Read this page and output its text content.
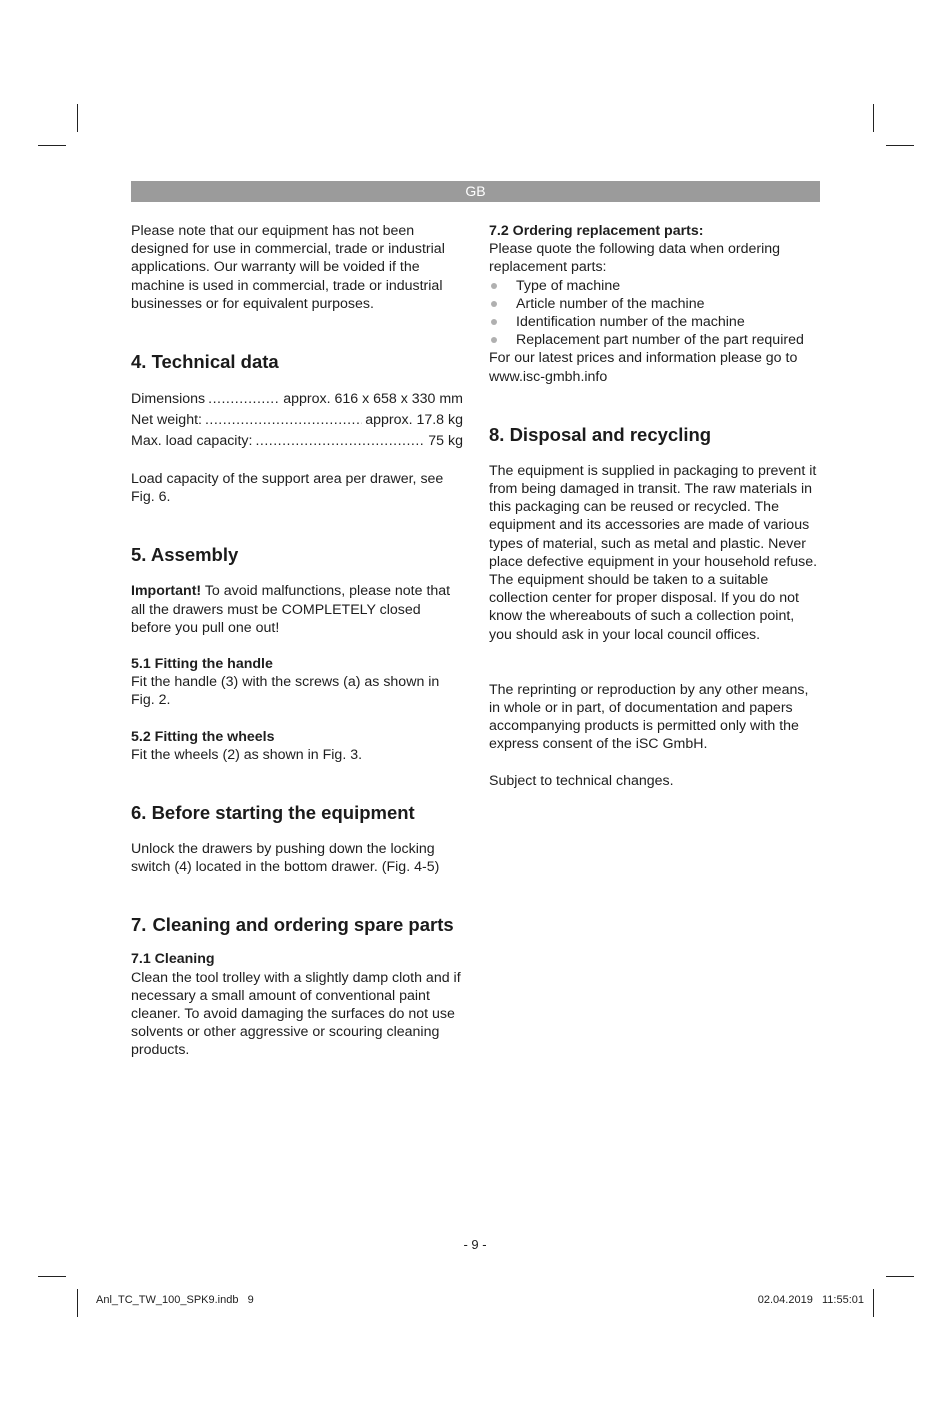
GB

Please note that our equipment has not been designed for use in commercial, trade or industrial applications. Our warranty will be voided if the machine is used in commercial, trade or industrial businesses or for equivalent purposes.

4. Technical data
Dimensions .....	approx. 616 x 658 x 330 mm
Net weight: .....	approx. 17.8 kg
Max. load capacity: .....	75 kg

Load capacity of the support area per drawer, see Fig. 6.

5. Assembly

Important! To avoid malfunctions, please note that all the drawers must be COMPLETELY closed before you pull one out!

5.1 Fitting the handle

Fit the handle (3) with the screws (a) as shown in Fig. 2.

5.2 Fitting the wheels

Fit the wheels (2) as shown in Fig. 3.

6. Before starting the equipment

Unlock the drawers by pushing down the locking switch (4) located in the bottom drawer. (Fig. 4-5)

7. Cleaning and ordering spare parts
7.1 Cleaning

Clean the tool trolley with a slightly damp cloth and if necessary a small amount of conventional paint cleaner. To avoid damaging the surfaces do not use solvents or other aggressive or scouring cleaning products.

7.2 Ordering replacement parts:

Please quote the following data when ordering replacement parts:

Type of machine
Article number of the machine
Identification number of the machine
Replacement part number of the part required

For our latest prices and information please go to www.isc-gmbh.info

8. Disposal and recycling

The equipment is supplied in packaging to prevent it from being damaged in transit. The raw materials in this packaging can be reused or recycled. The equipment and its accessories are made of various types of material, such as metal and plastic. Never place defective equipment in your household refuse. The equipment should be taken to a suitable collection center for proper disposal. If you do not know the whereabouts of such a collection point, you should ask in your local council offices.

The reprinting or reproduction by any other means, in whole or in part, of documentation and papers accompanying products is permitted only with the express consent of the iSC GmbH.

Subject to technical changes.

- 9 -
Anl_TC_TW_100_SPK9.indb   9	02.04.2019   11:55:01
